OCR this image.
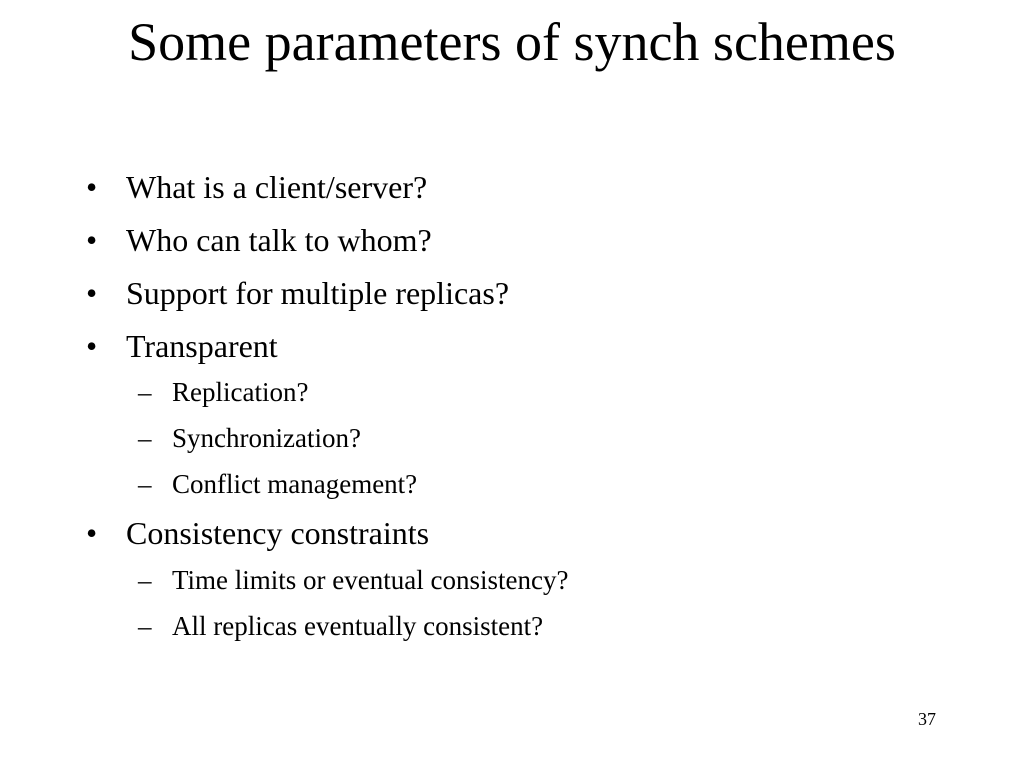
Some parameters of synch schemes
• What is a client/server?
• Who can talk to whom?
• Support for multiple replicas?
• Transparent
– Replication?
– Synchronization?
– Conflict management?
• Consistency constraints
– Time limits or eventual consistency?
– All replicas eventually consistent?
37
